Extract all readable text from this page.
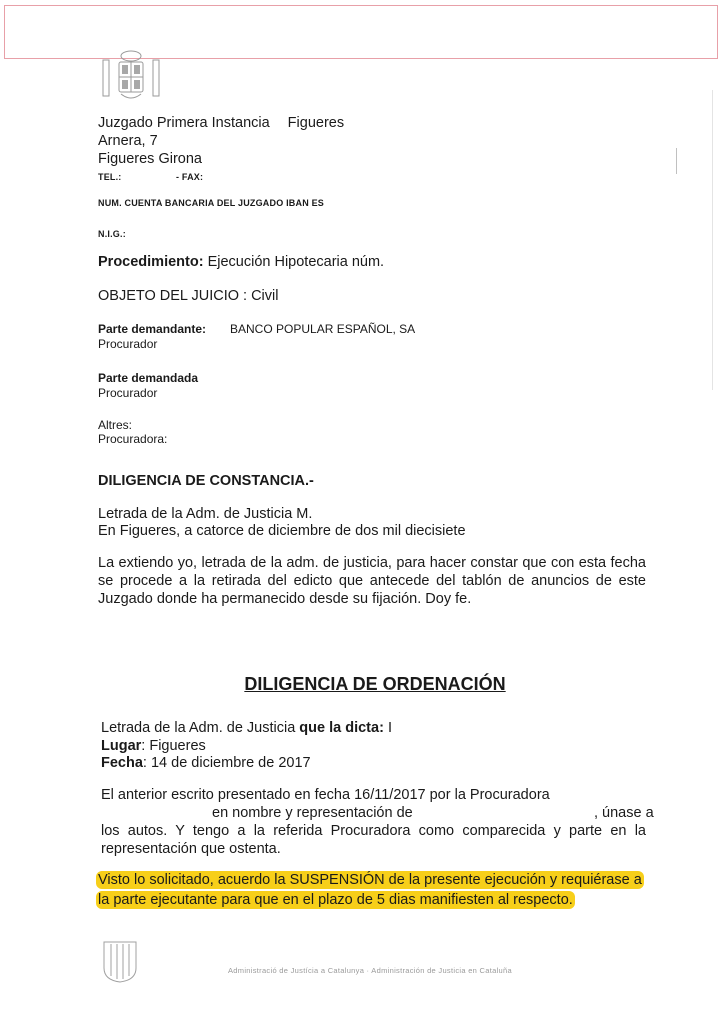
Juzgado Primera Instancia Figueres
Arnera, 7
Figueres Girona
TEL.:	- FAX:
NUM. CUENTA BANCARIA DEL JUZGADO IBAN ES
N.I.G.:
Procedimiento: Ejecución Hipotecaria núm.
OBJETO DEL JUICIO : Civil
Parte demandante: BANCO POPULAR ESPAÑOL, SA
Procurador
Parte demandada
Procurador
Altres:
Procuradora:
DILIGENCIA DE CONSTANCIA.-
Letrada de la Adm. de Justicia M.
En Figueres, a catorce de diciembre de dos mil diecisiete
La extiendo yo, letrada de la adm. de justicia, para hacer constar que con esta fecha se procede a la retirada del edicto que antecede del tablón de anuncios de este Juzgado donde ha permanecido desde su fijación. Doy fe.
DILIGENCIA DE ORDENACIÓN
Letrada de la Adm. de Justicia que la dicta: I
Lugar: Figueres
Fecha: 14 de diciembre de 2017
El anterior escrito presentado en fecha 16/11/2017 por la Procuradora
en nombre y representación de	, únase a
los autos. Y tengo a la referida Procuradora como comparecida y parte en la representación que ostenta.
Visto lo solicitado, acuerdo la SUSPENSIÓN de la presente ejecución y requiérase a la parte ejecutante para que en el plazo de 5 dias manifiesten al respecto.
Administració de Justícia a Catalunya · Administración de Justicia en Cataluña
